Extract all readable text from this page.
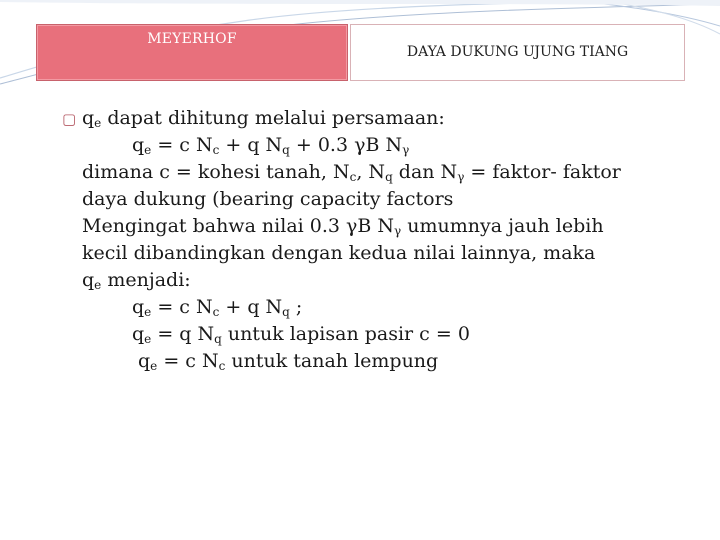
MEYERHOF
DAYA DUKUNG UJUNG TIANG
▢ $q_e$ dapat dihitung melalui persamaan:
$q_e = c$ $N_c + q$ $N_q + 0.3$ γB $N_\gamma$
dimana c = kohesi tanah, $N_c$, $N_q$ dan $N_\gamma$ = faktor- faktor
daya dukung (bearing capacity factors
Mengingat bahwa nilai 0.3 γB $N_\gamma$ umumnya jauh lebih
kecil dibandingkan dengan kedua nilai lainnya, maka
$q_e$ menjadi:
$q_e = c$ $N_c + q$ $N_q$ ;
$q_e = q$ $N_q$ untuk lapisan pasir c = 0
$q_e = c$ $N_c$ untuk tanah lempung
